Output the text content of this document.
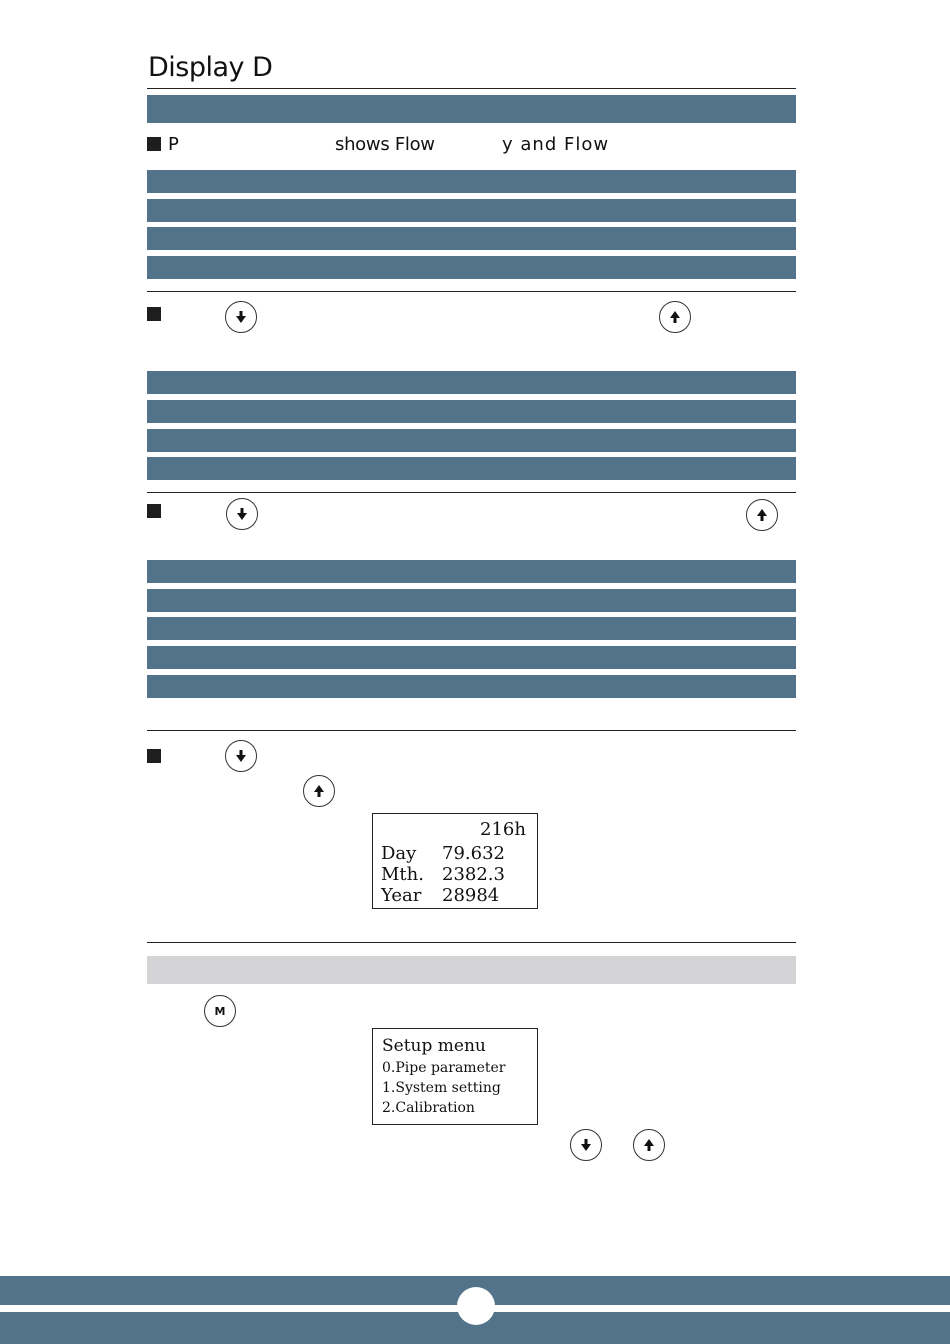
Display D
P	shows Flow	y and Flow
216h
Day 79.632
Mth. 2382.3
Year 28984
M
Setup menu
0.Pipe parameter
1.System setting
2.Calibration
